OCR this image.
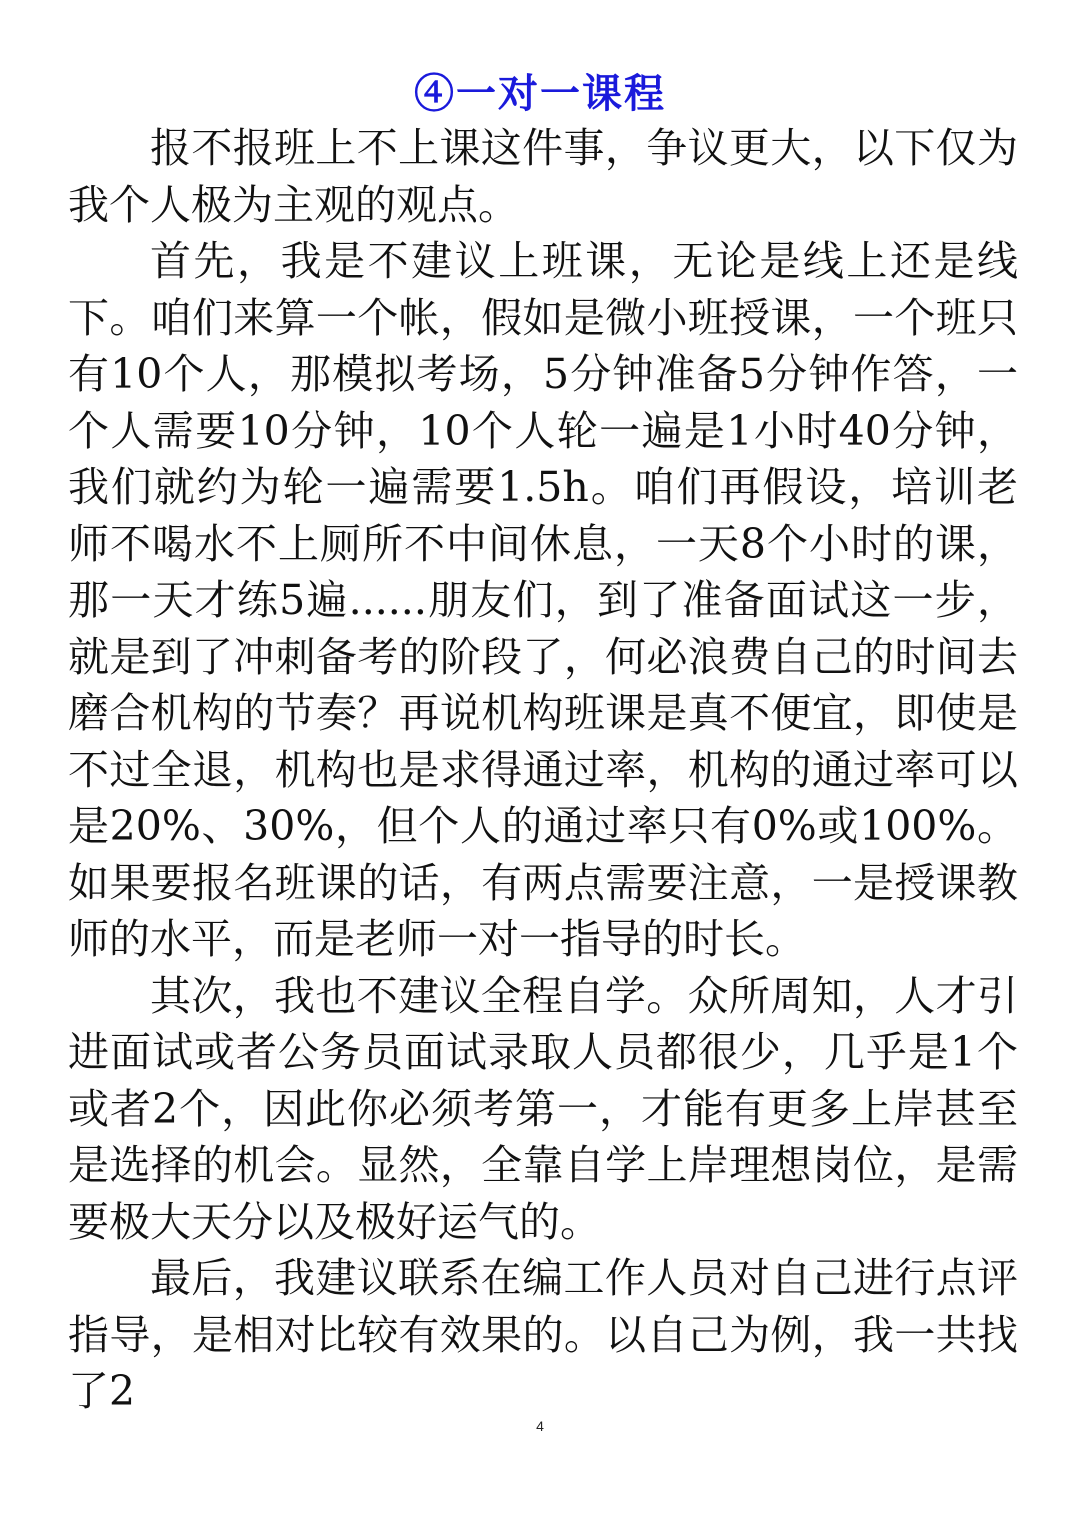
④一对一课程

报不报班上不上课这件事，争议更大，以下仅为我个人极为主观的观点。

首先，我是不建议上班课，无论是线上还是线下。咱们来算一个帐，假如是微小班授课，一个班只有10个人，那模拟考场，5分钟准备5分钟作答，一个人需要10分钟，10个人轮一遍是1小时40分钟，我们就约为轮一遍需要1.5h。咱们再假设，培训老师不喝水不上厕所不中间休息，一天8个小时的课，那一天才练5遍......朋友们，到了准备面试这一步，就是到了冲刺备考的阶段了，何必浪费自己的时间去磨合机构的节奏？再说机构班课是真不便宜，即使是不过全退，机构也是求得通过率，机构的通过率可以是20%、30%，但个人的通过率只有0%或100%。如果要报名班课的话，有两点需要注意，一是授课教师的水平，而是老师一对一指导的时长。

其次，我也不建议全程自学。众所周知，人才引进面试或者公务员面试录取人员都很少，几乎是1个或者2个，因此你必须考第一，才能有更多上岸甚至是选择的机会。显然，全靠自学上岸理想岗位，是需要极大天分以及极好运气的。

最后，我建议联系在编工作人员对自己进行点评指导，是相对比较有效果的。以自己为例，我一共找了2

4
